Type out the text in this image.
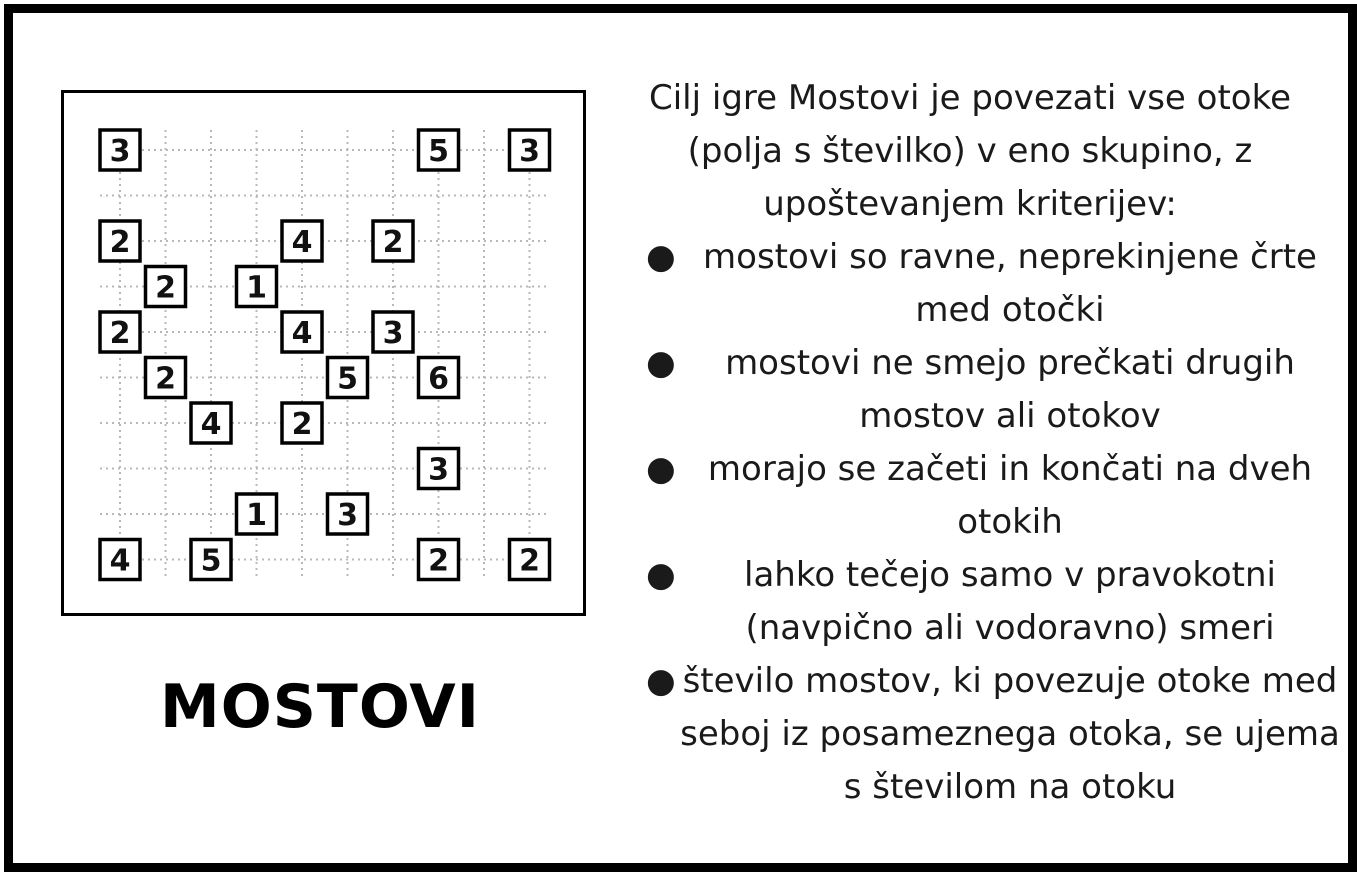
3	5 3
2	4 2
2 1
2	4 3
2	5 6
4 2
3
1 3
4 5	2 2
MOSTOVI

Cilj igre Mostovi je povezati vse otoke (polja s številko) v eno skupino, z upoštevanjem kriterijev:

● mostovi so ravne, neprekinjene črte med otočki
● mostovi ne smejo prečkati drugih mostov ali otokov
● morajo se začeti in končati na dveh otokih
● lahko tečejo samo v pravokotni (navpično ali vodoravno) smeri
● število mostov, ki povezuje otoke med seboj iz posameznega otoka, se ujema s številom na otoku
